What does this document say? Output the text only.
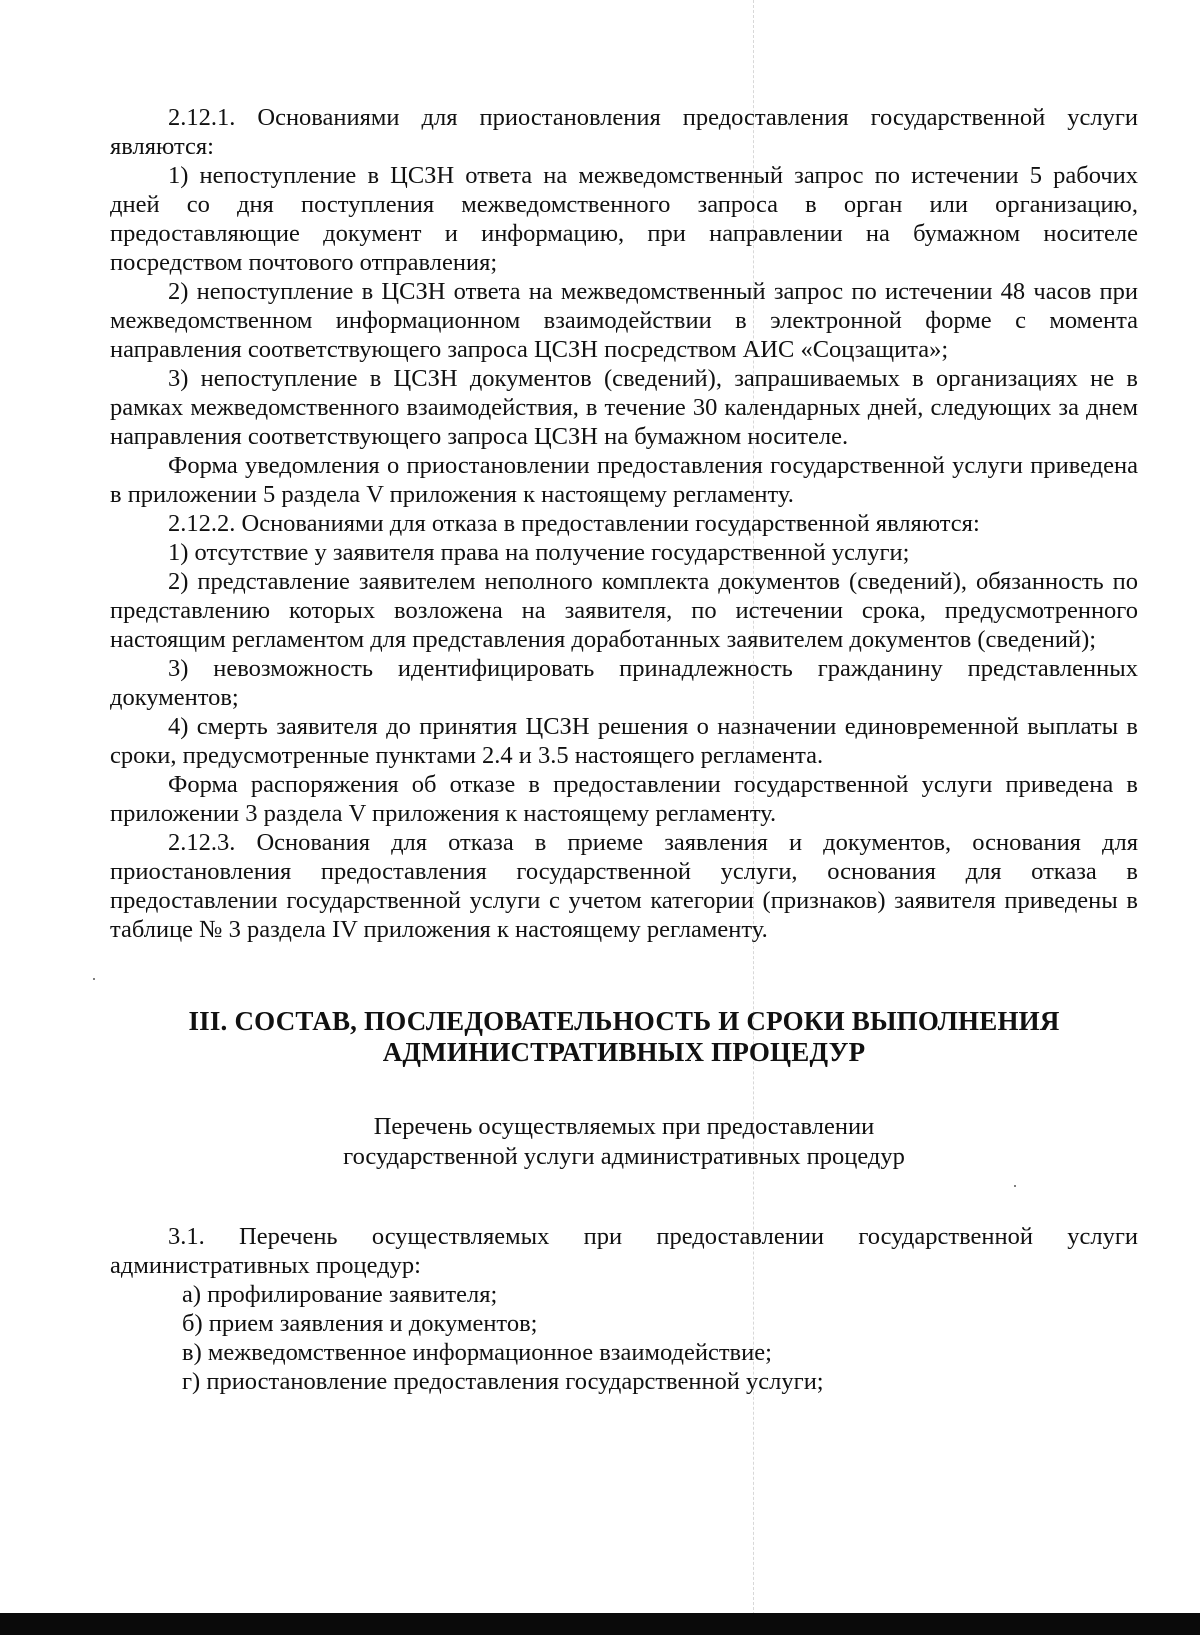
2.12.1. Основаниями для приостановления предоставления государственной услуги являются:

1) непоступление в ЦСЗН ответа на межведомственный запрос по истечении 5 рабочих дней со дня поступления межведомственного запроса в орган или организацию, предоставляющие документ и информацию, при направлении на бумажном носителе посредством почтового отправления;

2) непоступление в ЦСЗН ответа на межведомственный запрос по истечении 48 часов при межведомственном информационном взаимодействии в электронной форме с момента направления соответствующего запроса ЦСЗН посредством АИС «Соцзащита»;

3) непоступление в ЦСЗН документов (сведений), запрашиваемых в организациях не в рамках межведомственного взаимодействия, в течение 30 календарных дней, следующих за днем направления соответствующего запроса ЦСЗН на бумажном носителе.

Форма уведомления о приостановлении предоставления государственной услуги приведена в приложении 5 раздела V приложения к настоящему регламенту.

2.12.2. Основаниями для отказа в предоставлении государственной являются:

1) отсутствие у заявителя права на получение государственной услуги;

2) представление заявителем неполного комплекта документов (сведений), обязанность по представлению которых возложена на заявителя, по истечении срока, предусмотренного настоящим регламентом для представления доработанных заявителем документов (сведений);

3) невозможность идентифицировать принадлежность гражданину представленных документов;

4) смерть заявителя до принятия ЦСЗН решения о назначении единовременной выплаты в сроки, предусмотренные пунктами 2.4 и 3.5 настоящего регламента.

Форма распоряжения об отказе в предоставлении государственной услуги приведена в приложении 3 раздела V приложения к настоящему регламенту.

2.12.3. Основания для отказа в приеме заявления и документов, основания для приостановления предоставления государственной услуги, основания для отказа в предоставлении государственной услуги с учетом категории (признаков) заявителя приведены в таблице № 3 раздела IV приложения к настоящему регламенту.

III. СОСТАВ, ПОСЛЕДОВАТЕЛЬНОСТЬ И СРОКИ ВЫПОЛНЕНИЯ
АДМИНИСТРАТИВНЫХ ПРОЦЕДУР
Перечень осуществляемых при предоставлении
государственной услуги административных процедур

3.1. Перечень осуществляемых при предоставлении государственной услуги административных процедур:

а) профилирование заявителя;

б) прием заявления и документов;

в) межведомственное информационное взаимодействие;

г) приостановление предоставления государственной услуги;
